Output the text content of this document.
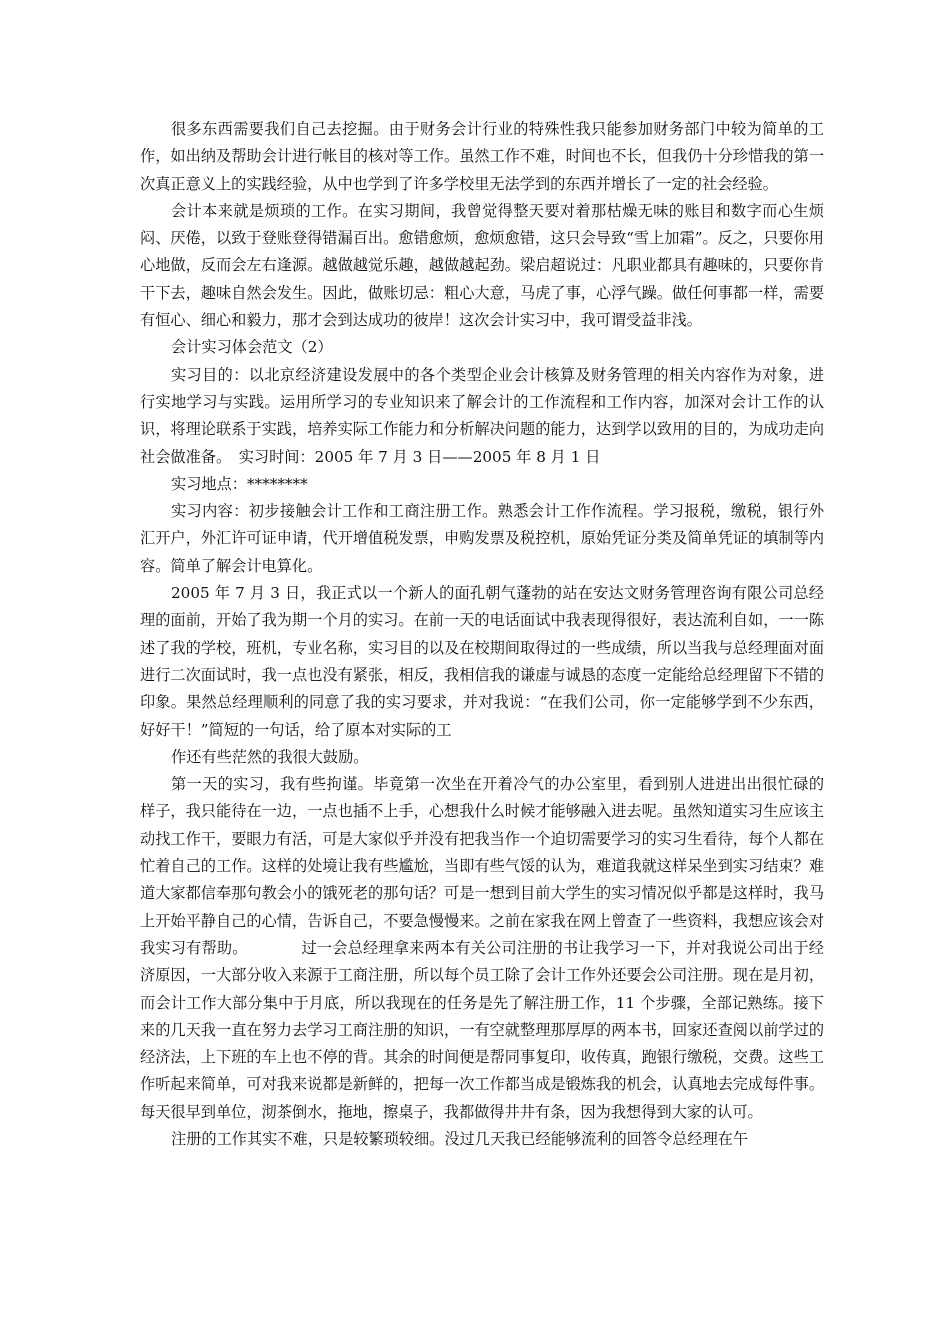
很多东西需要我们自己去挖掘。由于财务会计行业的特殊性我只能参加财务部门中较为简单的工作，如出纳及帮助会计进行帐目的核对等工作。虽然工作不难，时间也不长，但我仍十分珍惜我的第一次真正意义上的实践经验，从中也学到了许多学校里无法学到的东西并增长了一定的社会经验。

会计本来就是烦琐的工作。在实习期间，我曾觉得整天要对着那枯燥无味的账目和数字而心生烦闷、厌倦，以致于登账登得错漏百出。愈错愈烦，愈烦愈错，这只会导致“雪上加霜”。反之，只要你用心地做，反而会左右逢源。越做越觉乐趣，越做越起劲。梁启超说过：凡职业都具有趣味的，只要你肯干下去，趣味自然会发生。因此，做账切忌：粗心大意，马虎了事，心浮气躁。做任何事都一样，需要有恒心、细心和毅力，那才会到达成功的彼岸！这次会计实习中，我可谓受益非浅。

会计实习体会范文（2）

实习目的：以北京经济建设发展中的各个类型企业会计核算及财务管理的相关内容作为对象，进行实地学习与实践。运用所学习的专业知识来了解会计的工作流程和工作内容，加深对会计工作的认识，将理论联系于实践，培养实际工作能力和分析解决问题的能力，达到学以致用的目的，为成功走向社会做准备。　实习时间：2005 年 7 月 3 日——2005 年 8 月 1 日

实习地点：********

实习内容：初步接触会计工作和工商注册工作。熟悉会计工作作流程。学习报税，缴税，银行外汇开户，外汇许可证申请，代开增值税发票，申购发票及税控机，原始凭证分类及简单凭证的填制等内容。简单了解会计电算化。

2005 年 7 月 3 日，我正式以一个新人的面孔朝气蓬勃的站在安达文财务管理咨询有限公司总经理的面前，开始了我为期一个月的实习。在前一天的电话面试中我表现得很好，表达流利自如，一一陈述了我的学校，班机，专业名称，实习目的以及在校期间取得过的一些成绩，所以当我与总经理面对面进行二次面试时，我一点也没有紧张，相反，我相信我的谦虚与诚恳的态度一定能给总经理留下不错的印象。果然总经理顺利的同意了我的实习要求，并对我说：“在我们公司，你一定能够学到不少东西，好好干！”简短的一句话，给了原本对实际的工

作还有些茫然的我很大鼓励。

第一天的实习，我有些拘谨。毕竟第一次坐在开着冷气的办公室里，看到别人进进出出很忙碌的样子，我只能待在一边，一点也插不上手，心想我什么时候才能够融入进去呢。虽然知道实习生应该主动找工作干，要眼力有活，可是大家似乎并没有把我当作一个迫切需要学习的实习生看待，每个人都在忙着自己的工作。这样的处境让我有些尴尬，当即有些气馁的认为，难道我就这样呆坐到实习结束？难道大家都信奉那句教会小的饿死老的那句话？可是一想到目前大学生的实习情况似乎都是这样时，我马上开始平静自己的心情，告诉自己，不要急慢慢来。之前在家我在网上曾查了一些资料，我想应该会对我实习有帮助。　　　　过一会总经理拿来两本有关公司注册的书让我学习一下，并对我说公司出于经济原因，一大部分收入来源于工商注册，所以每个员工除了会计工作外还要会公司注册。现在是月初，而会计工作大部分集中于月底，所以我现在的任务是先了解注册工作，11 个步骤，全部记熟练。接下来的几天我一直在努力去学习工商注册的知识，一有空就整理那厚厚的两本书，回家还查阅以前学过的经济法，上下班的车上也不停的背。其余的时间便是帮同事复印，收传真，跑银行缴税，交费。这些工作听起来简单，可对我来说都是新鲜的，把每一次工作都当成是锻炼我的机会，认真地去完成每件事。每天很早到单位，沏茶倒水，拖地，擦桌子，我都做得井井有条，因为我想得到大家的认可。

注册的工作其实不难，只是较繁琐较细。没过几天我已经能够流利的回答令总经理在午
